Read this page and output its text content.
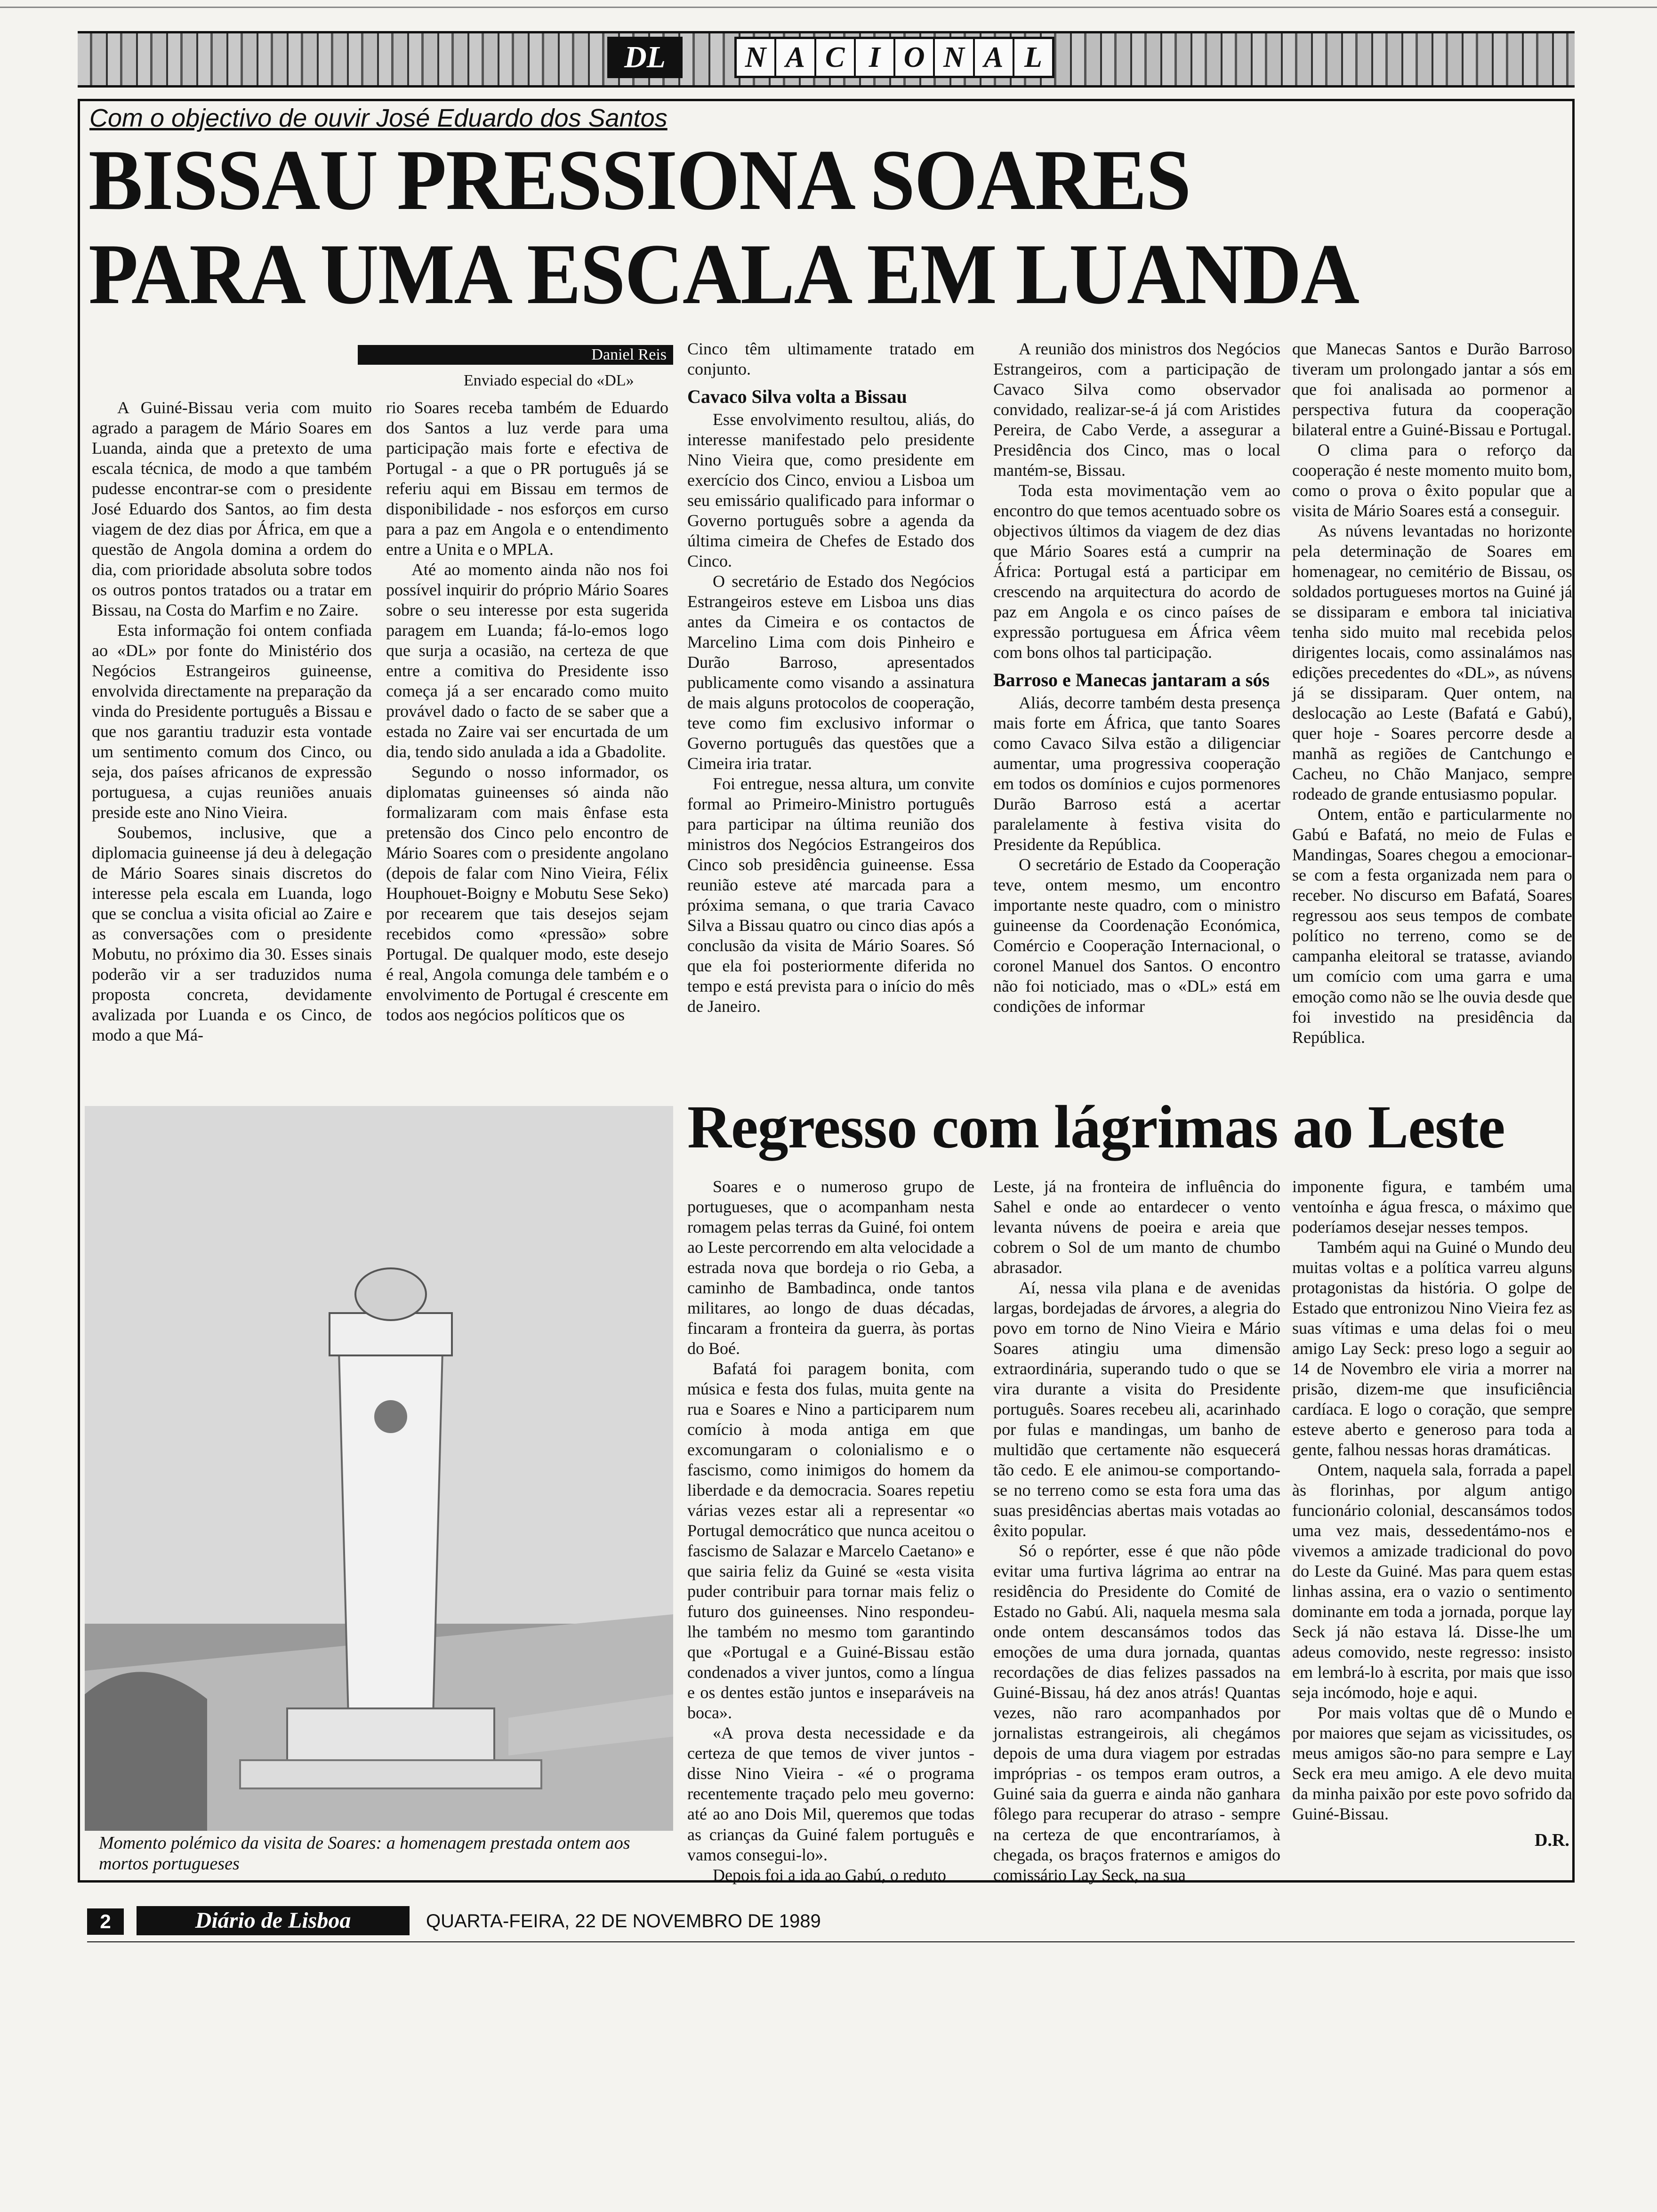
DL	N A C I O N A L
Com o objectivo de ouvir José Eduardo dos Santos
BISSAU PRESSIONA SOARES
PARA UMA ESCALA EM LUANDA
Daniel Reis
Enviado especial do «DL»

A Guiné-Bissau veria com muito agrado a paragem de Mário Soares em Luanda, ainda que a pretexto de uma escala técnica, de modo a que também pudesse encontrar-se com o presidente José Eduardo dos Santos, ao fim desta viagem de dez dias por África, em que a questão de Angola domina a ordem do dia, com prioridade absoluta sobre todos os outros pontos tratados ou a tratar em Bissau, na Costa do Marfim e no Zaire.

Esta informação foi ontem confiada ao «DL» por fonte do Ministério dos Negócios Estrangeiros guineense, envolvida directamente na preparação da vinda do Presidente português a Bissau e que nos garantiu traduzir esta vontade um sentimento comum dos Cinco, ou seja, dos países africanos de expressão portuguesa, a cujas reuniões anuais preside este ano Nino Vieira.

Soubemos, inclusive, que a diplomacia guineense já deu à delegação de Mário Soares sinais discretos do interesse pela escala em Luanda, logo que se conclua a visita oficial ao Zaire e as conversações com o presidente Mobutu, no próximo dia 30. Esses sinais poderão vir a ser traduzidos numa proposta concreta, devidamente avalizada por Luanda e os Cinco, de modo a que Má-

rio Soares receba também de Eduardo dos Santos a luz verde para uma participação mais forte e efectiva de Portugal - a que o PR português já se referiu aqui em Bissau em termos de disponibilidade - nos esforços em curso para a paz em Angola e o entendimento entre a Unita e o MPLA.

Até ao momento ainda não nos foi possível inquirir do próprio Mário Soares sobre o seu interesse por esta sugerida paragem em Luanda; fá-lo-emos logo que surja a ocasião, na certeza de que entre a comitiva do Presidente isso começa já a ser encarado como muito provável dado o facto de se saber que a estada no Zaire vai ser encurtada de um dia, tendo sido anulada a ida a Gbadolite.

Segundo o nosso informador, os diplomatas guineenses só ainda não formalizaram com mais ênfase esta pretensão dos Cinco pelo encontro de Mário Soares com o presidente angolano (depois de falar com Nino Vieira, Félix Houphouet-Boigny e Mobutu Sese Seko) por recearem que tais desejos sejam recebidos como «pressão» sobre Portugal. De qualquer modo, este desejo é real, Angola comunga dele também e o envolvimento de Portugal é crescente em todos aos negócios políticos que os

Cinco têm ultimamente tratado em conjunto.

Cavaco Silva volta a Bissau

Esse envolvimento resultou, aliás, do interesse manifestado pelo presidente Nino Vieira que, como presidente em exercício dos Cinco, enviou a Lisboa um seu emissário qualificado para informar o Governo português sobre a agenda da última cimeira de Chefes de Estado dos Cinco.

O secretário de Estado dos Negócios Estrangeiros esteve em Lisboa uns dias antes da Cimeira e os contactos de Marcelino Lima com dois Pinheiro e Durão Barroso, apresentados publicamente como visando a assinatura de mais alguns protocolos de cooperação, teve como fim exclusivo informar o Governo português das questões que a Cimeira iria tratar.

Foi entregue, nessa altura, um convite formal ao Primeiro-Ministro português para participar na última reunião dos ministros dos Negócios Estrangeiros dos Cinco sob presidência guineense. Essa reunião esteve até marcada para a próxima semana, o que traria Cavaco Silva a Bissau quatro ou cinco dias após a conclusão da visita de Mário Soares. Só que ela foi posteriormente diferida no tempo e está prevista para o início do mês de Janeiro.

A reunião dos ministros dos Negócios Estrangeiros, com a participação de Cavaco Silva como observador convidado, realizar-se-á já com Aristides Pereira, de Cabo Verde, a assegurar a Presidência dos Cinco, mas o local mantém-se, Bissau.

Toda esta movimentação vem ao encontro do que temos acentuado sobre os objectivos últimos da viagem de dez dias que Mário Soares está a cumprir na África: Portugal está a participar em crescendo na arquitectura do acordo de paz em Angola e os cinco países de expressão portuguesa em África vêem com bons olhos tal participação.

Barroso e Manecas jantaram a sós

Aliás, decorre também desta presença mais forte em África, que tanto Soares como Cavaco Silva estão a diligenciar aumentar, uma progressiva cooperação em todos os domínios e cujos pormenores Durão Barroso está a acertar paralelamente à festiva visita do Presidente da República.

O secretário de Estado da Cooperação teve, ontem mesmo, um encontro importante neste quadro, com o ministro guineense da Coordenação Económica, Comércio e Cooperação Internacional, o coronel Manuel dos Santos. O encontro não foi noticiado, mas o «DL» está em condições de informar

que Manecas Santos e Durão Barroso tiveram um prolongado jantar a sós em que foi analisada ao pormenor a perspectiva futura da cooperação bilateral entre a Guiné-Bissau e Portugal.

O clima para o reforço da cooperação é neste momento muito bom, como o prova o êxito popular que a visita de Mário Soares está a conseguir.

As núvens levantadas no horizonte pela determinação de Soares em homenagear, no cemitério de Bissau, os soldados portugueses mortos na Guiné já se dissiparam e embora tal iniciativa tenha sido muito mal recebida pelos dirigentes locais, como assinalámos nas edições precedentes do «DL», as núvens já se dissiparam. Quer ontem, na deslocação ao Leste (Bafatá e Gabú), quer hoje - Soares percorre desde a manhã as regiões de Cantchungo e Cacheu, no Chão Manjaco, sempre rodeado de grande entusiasmo popular.

Ontem, então e particularmente no Gabú e Bafatá, no meio de Fulas e Mandingas, Soares chegou a emocionar-se com a festa organizada nem para o receber. No discurso em Bafatá, Soares regressou aos seus tempos de combate político no terreno, como se de campanha eleitoral se tratasse, aviando um comício com uma garra e uma emoção como não se lhe ouvia desde que foi investido na presidência da República.

Momento polémico da visita de Soares: a homenagem prestada ontem aos mortos portugueses
Regresso com lágrimas ao Leste

Soares e o numeroso grupo de portugueses, que o acompanham nesta romagem pelas terras da Guiné, foi ontem ao Leste percorrendo em alta velocidade a estrada nova que bordeja o rio Geba, a caminho de Bambadinca, onde tantos militares, ao longo de duas décadas, fincaram a fronteira da guerra, às portas do Boé.

Bafatá foi paragem bonita, com música e festa dos fulas, muita gente na rua e Soares e Nino a participarem num comício à moda antiga em que excomungaram o colonialismo e o fascismo, como inimigos do homem da liberdade e da democracia. Soares repetiu várias vezes estar ali a representar «o Portugal democrático que nunca aceitou o fascismo de Salazar e Marcelo Caetano» e que sairia feliz da Guiné se «esta visita puder contribuir para tornar mais feliz o futuro dos guineenses. Nino respondeu-lhe também no mesmo tom garantindo que «Portugal e a Guiné-Bissau estão condenados a viver juntos, como a língua e os dentes estão juntos e inseparáveis na boca».

«A prova desta necessidade e da certeza de que temos de viver juntos - disse Nino Vieira - «é o programa recentemente traçado pelo meu governo: até ao ano Dois Mil, queremos que todas as crianças da Guiné falem português e vamos consegui-lo».

Depois foi a ida ao Gabú, o reduto

Leste, já na fronteira de influência do Sahel e onde ao entardecer o vento levanta núvens de poeira e areia que cobrem o Sol de um manto de chumbo abrasador.

Aí, nessa vila plana e de avenidas largas, bordejadas de árvores, a alegria do povo em torno de Nino Vieira e Mário Soares atingiu uma dimensão extraordinária, superando tudo o que se vira durante a visita do Presidente português. Soares recebeu ali, acarinhado por fulas e mandingas, um banho de multidão que certamente não esquecerá tão cedo. E ele animou-se comportando-se no terreno como se esta fora uma das suas presidências abertas mais votadas ao êxito popular.

Só o repórter, esse é que não pôde evitar uma furtiva lágrima ao entrar na residência do Presidente do Comité de Estado no Gabú. Ali, naquela mesma sala onde ontem descansámos todos das emoções de uma dura jornada, quantas recordações de dias felizes passados na Guiné-Bissau, há dez anos atrás! Quantas vezes, não raro acompanhados por jornalistas estrangeirois, ali chegámos depois de uma dura viagem por estradas impróprias - os tempos eram outros, a Guiné saia da guerra e ainda não ganhara fôlego para recuperar do atraso - sempre na certeza de que encontraríamos, à chegada, os braços fraternos e amigos do comissário Lay Seck, na sua

imponente figura, e também uma ventoínha e água fresca, o máximo que poderíamos desejar nesses tempos.

Também aqui na Guiné o Mundo deu muitas voltas e a política varreu alguns protagonistas da história. O golpe de Estado que entronizou Nino Vieira fez as suas vítimas e uma delas foi o meu amigo Lay Seck: preso logo a seguir ao 14 de Novembro ele viria a morrer na prisão, dizem-me que insuficiência cardíaca. E logo o coração, que sempre esteve aberto e generoso para toda a gente, falhou nessas horas dramáticas.

Ontem, naquela sala, forrada a papel às florinhas, por algum antigo funcionário colonial, descansámos todos uma vez mais, dessedentámo-nos e vivemos a amizade tradicional do povo do Leste da Guiné. Mas para quem estas linhas assina, era o vazio o sentimento dominante em toda a jornada, porque lay Seck já não estava lá. Disse-lhe um adeus comovido, neste regresso: insisto em lembrá-lo à escrita, por mais que isso seja incómodo, hoje e aqui.

Por mais voltas que dê o Mundo e por maiores que sejam as vicissitudes, os meus amigos são-no para sempre e Lay Seck era meu amigo. A ele devo muita da minha paixão por este povo sofrido da Guiné-Bissau.

D.R.
2	Diário de Lisboa	QUARTA-FEIRA, 22 DE NOVEMBRO DE 1989
